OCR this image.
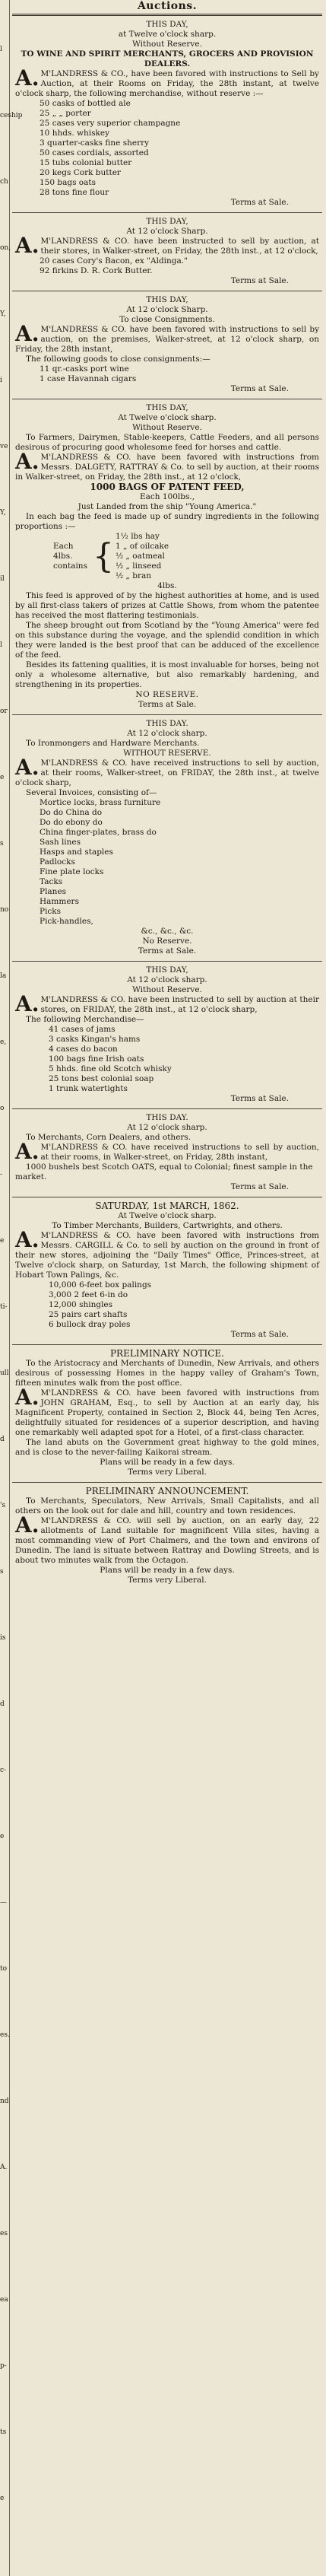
l
ceship
ch
on,
Y,
i
ve
Y,
il
l
or
e
s
no
la
e,
o
-
e
ti-
ull
d
's
s
is
d
c-
e
—
to
es.
nd
A.
es
ea
p-
ts
e
Auctions.
THIS DAY,
at Twelve o'clock sharp.
Without Reserve.
TO WINE AND SPIRIT MERCHANTS, GROCERS AND PROVISION DEALERS.
A.M'LANDRESS & CO., have been favored with instructions to Sell by Auction, at their Rooms on Friday, the 28th instant, at twelve o'clock sharp, the following merchandise, without reserve :—
50 casks of bottled ale
25 „ „ porter
25 cases very superior champagne
10 hhds. whiskey
3 quarter-casks fine sherry
50 cases cordials, assorted
15 tubs colonial butter
20 kegs Cork butter
150 bags oats
28 tons fine flour
Terms at Sale.
THIS DAY,
At 12 o'clock Sharp.
A.M'LANDRESS & CO. have been instructed to sell by auction, at their stores, in Walker-street, on Friday, the 28th inst., at 12 o'clock,
20 cases Cory's Bacon, ex "Aldinga."
92 firkins D. R. Cork Butter.
Terms at Sale.
THIS DAY,
At 12 o'clock Sharp.
To close Consignments.
A.M'LANDRESS & CO. have been favored with instructions to sell by auction, on the premises, Walker-street, at 12 o'clock sharp, on Friday, the 28th instant,
The following goods to close consignments:—
11 qr.-casks port wine
1 case Havannah cigars
Terms at Sale.
THIS DAY,
At Twelve o'clock sharp.
Without Reserve.
To Farmers, Dairymen, Stable-keepers, Cattle Feeders, and all persons desirous of procuring good wholesome feed for horses and cattle.
A.M'LANDRESS & CO. have been favored with instructions from Messrs. DALGETY, RATTRAY & Co. to sell by auction, at their rooms in Walker-street, on Friday, the 28th inst., at 12 o'clock,
1000 BAGS OF PATENT FEED,
Each 100lbs.,
Just Landed from the ship "Young America."
In each bag the feed is made up of sundry ingredients in the following proportions :—
Each 4lbs. contains {
1½ lbs hay
1 „ of oilcake
½ „ oatmeal
½ „ linseed
½ „ bran
4lbs.
This feed is approved of by the highest authorities at home, and is used by all first-class takers of prizes at Cattle Shows, from whom the patentee has received the most flattering testimonials.
The sheep brought out from Scotland by the "Young America" were fed on this substance during the voyage, and the splendid condition in which they were landed is the best proof that can be adduced of the excellence of the feed.
Besides its fattening qualities, it is most invaluable for horses, being not only a wholesome alternative, but also remarkably hardening, and strengthening in its properties.
NO RESERVE.
Terms at Sale.
THIS DAY.
At 12 o'clock sharp.
To Ironmongers and Hardware Merchants.
WITHOUT RESERVE.
A.M'LANDRESS & CO. have received instructions to sell by auction, at their rooms, Walker-street, on FRIDAY, the 28th inst., at twelve o'clock sharp,
Several Invoices, consisting of—
Mortice locks, brass furniture
Do do China do
Do do ebony do
China finger-plates, brass do
Sash lines
Hasps and staples
Padlocks
Fine plate locks
Tacks
Planes
Hammers
Picks
Pick-handles,
&c., &c., &c.
No Reserve.
Terms at Sale.
THIS DAY,
At 12 o'clock sharp.
Without Reserve.
A.M'LANDRESS & CO. have been instructed to sell by auction at their stores, on FRIDAY, the 28th inst., at 12 o'clock sharp,
The following Merchandise—
41 cases of jams
3 casks Kingan's hams
4 cases do bacon
100 bags fine Irish oats
5 hhds. fine old Scotch whisky
25 tons best colonial soap
1 trunk watertights
Terms at Sale.
THIS DAY.
At 12 o'clock sharp.
To Merchants, Corn Dealers, and others.
A.M'LANDRESS & CO. have received instructions to sell by auction, at their rooms, in Walker-street, on Friday, 28th instant,
1000 bushels best Scotch OATS, equal to Colonial; finest sample in the market.
Terms at Sale.
SATURDAY, 1st MARCH, 1862.
At Twelve o'clock sharp.
To Timber Merchants, Builders, Cartwrights, and others.
A.M'LANDRESS & CO. have been favored with instructions from Messrs. CARGILL & Co. to sell by auction on the ground in front of their new stores, adjoining the "Daily Times" Office, Princes-street, at Twelve o'clock sharp, on Saturday, 1st March, the following shipment of Hobart Town Palings, &c.
10,000 6-feet box palings
3,000 2 feet 6-in do
12,000 shingles
25 pairs cart shafts
6 bullock dray poles
Terms at Sale.
PRELIMINARY NOTICE.
To the Aristocracy and Merchants of Dunedin, New Arrivals, and others desirous of possessing Homes in the happy valley of Graham's Town, fifteen minutes walk from the post office.
A.M'LANDRESS & CO. have been favored with instructions from JOHN GRAHAM, Esq., to sell by Auction at an early day, his Magnificent Property, contained in Section 2, Block 44, being Ten Acres, delightfully situated for residences of a superior description, and having one remarkably well adapted spot for a Hotel, of a first-class character.
The land abuts on the Government great highway to the gold mines, and is close to the never-failing Kaikorai stream.
Plans will be ready in a few days.
Terms very Liberal.
PRELIMINARY ANNOUNCEMENT.
To Merchants, Speculators, New Arrivals, Small Capitalists, and all others on the look out for dale and hill, country and town residences.
A.M'LANDRESS & CO. will sell by auction, on an early day, 22 allotments of Land suitable for magnificent Villa sites, having a most commanding view of Port Chalmers, and the town and environs of Dunedin. The land is situate between Rattray and Dowling Streets, and is about two minutes walk from the Octagon.
Plans will be ready in a few days.
Terms very Liberal.
